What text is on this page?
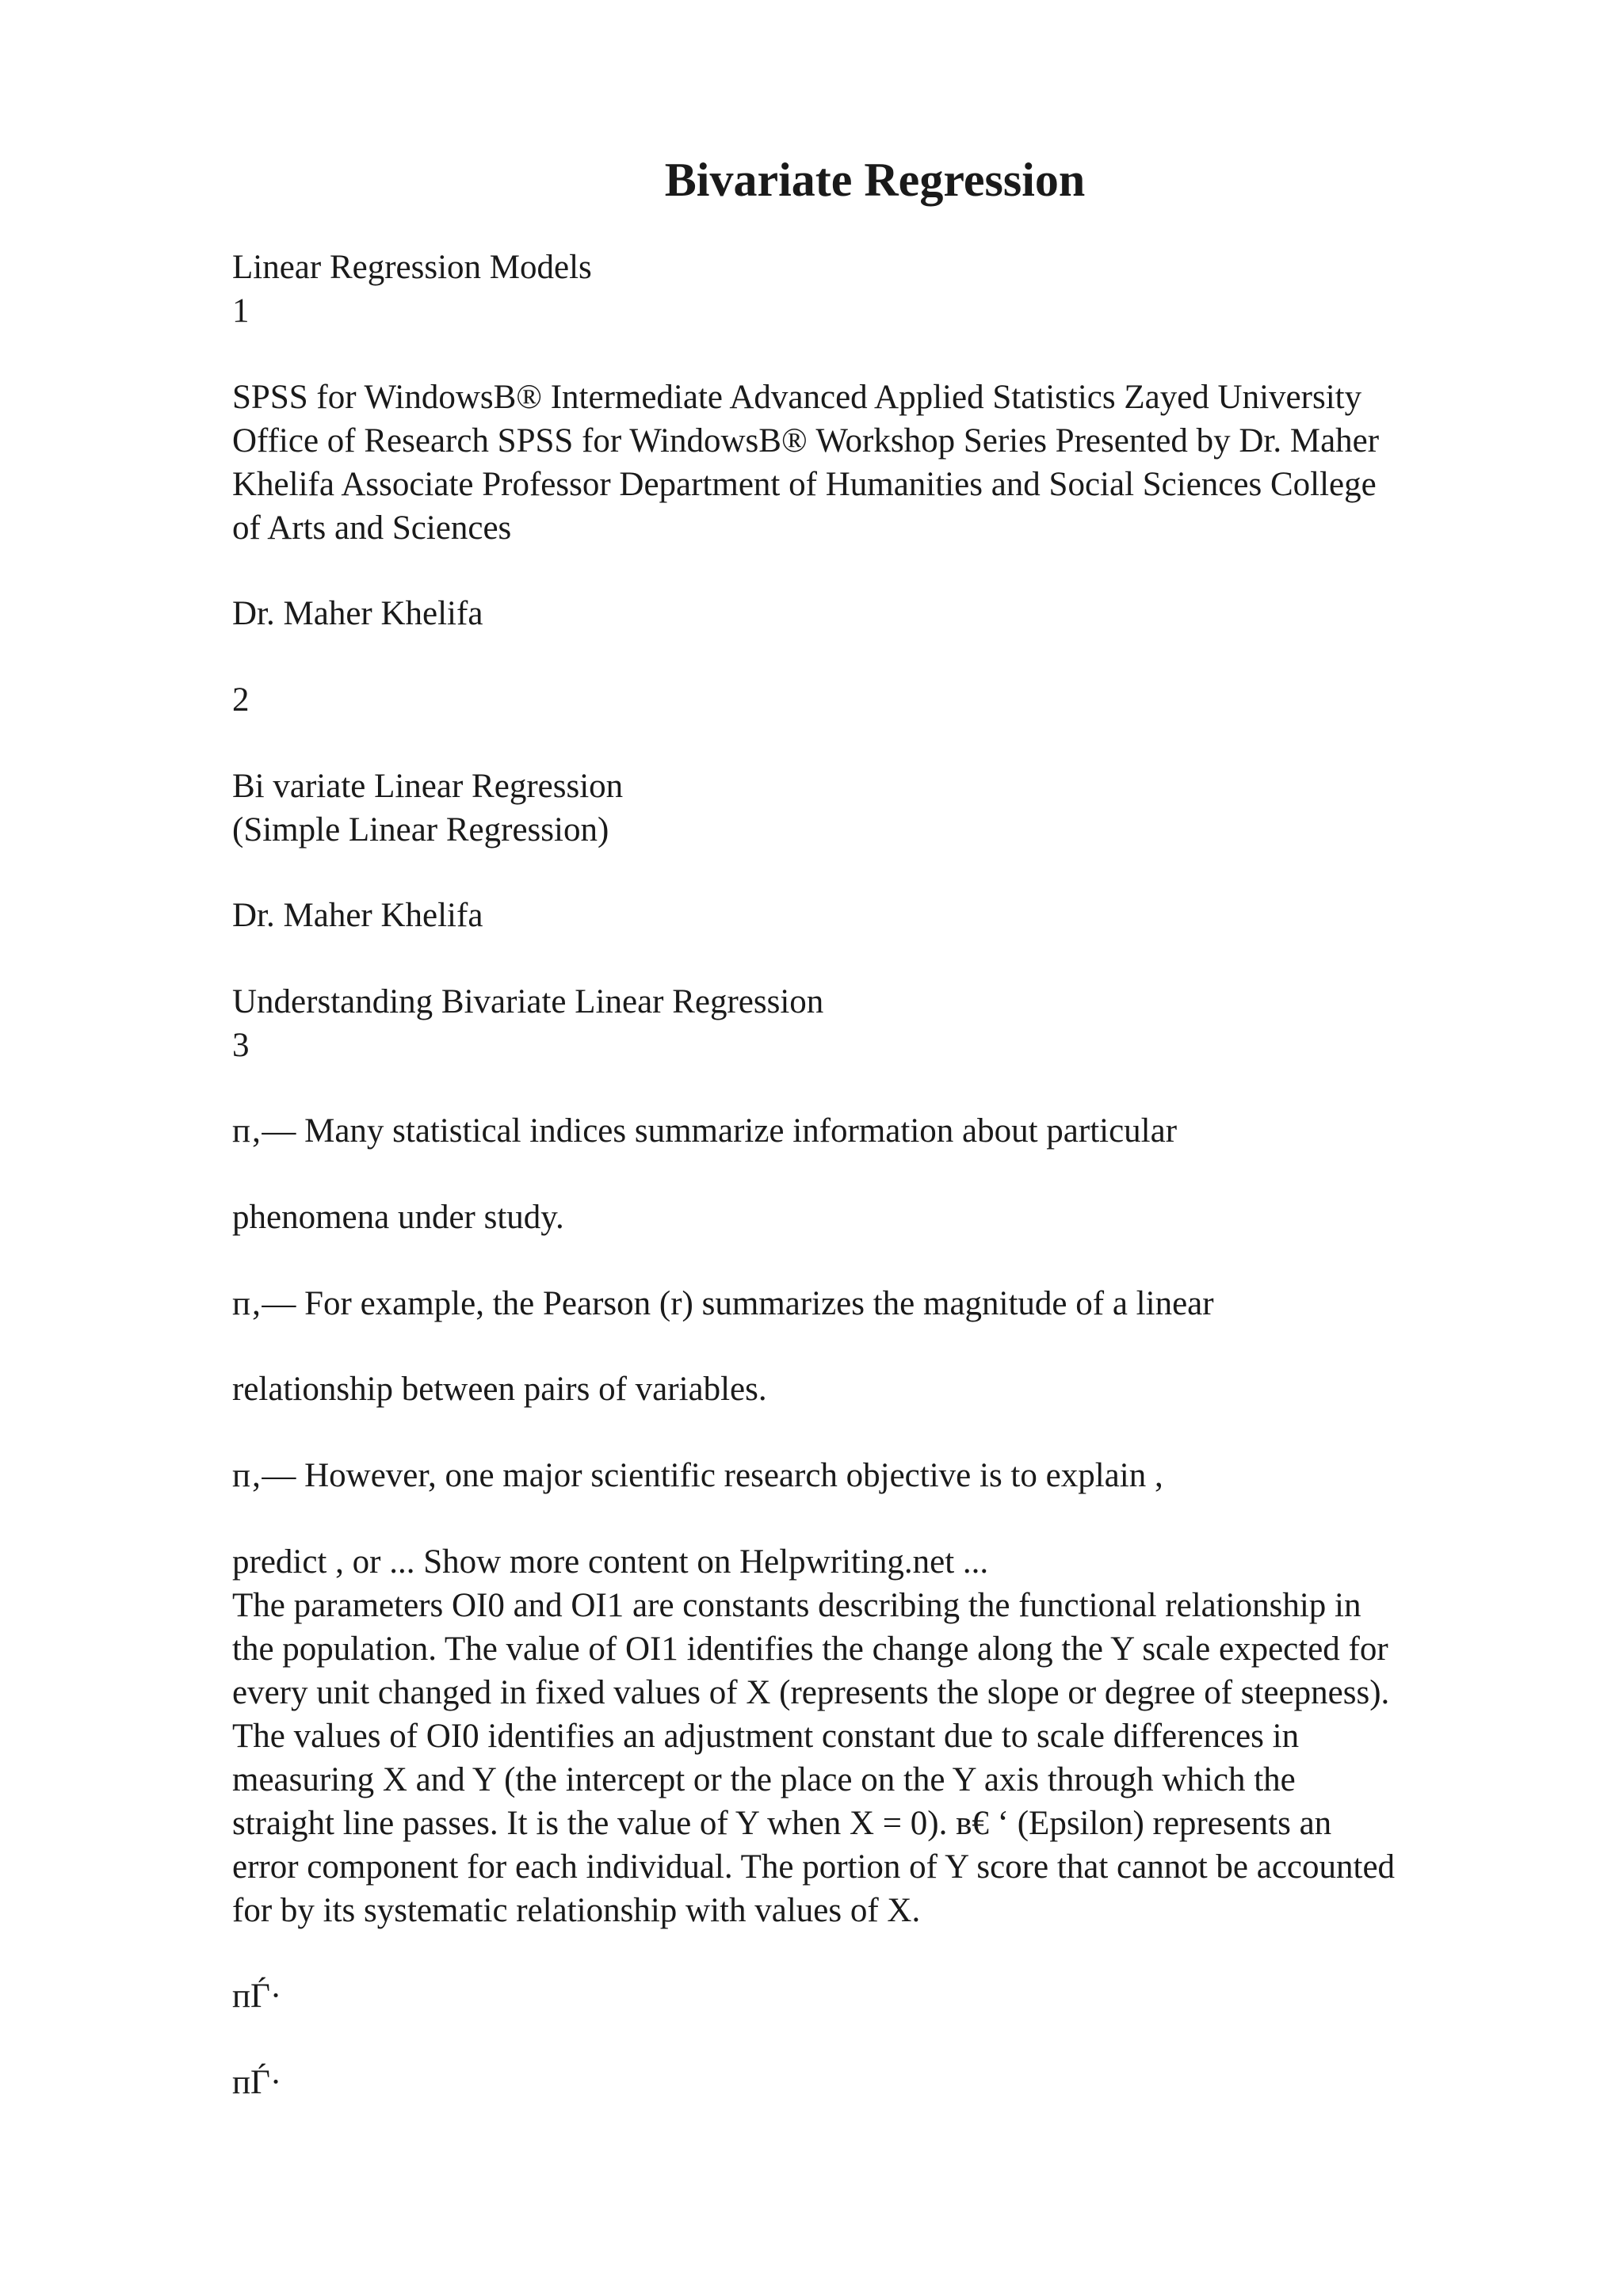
Bivariate Regression
Linear Regression Models
1
SPSS for WindowsВ® Intermediate Advanced Applied Statistics Zayed University
Office of Research SPSS for WindowsВ® Workshop Series Presented by Dr. Maher
Khelifa Associate Professor Department of Humanities and Social Sciences College
of Arts and Sciences
Dr. Maher Khelifa
2
Bi variate Linear Regression
(Simple Linear Regression)
Dr. Maher Khelifa
Understanding Bivariate Linear Regression
3
п‚— Many statistical indices summarize information about particular
phenomena under study.
п‚— For example, the Pearson (r) summarizes the magnitude of a linear
relationship between pairs of variables.
п‚— However, one major scientific research objective is to explain ,
predict , or ... Show more content on Helpwriting.net ...
The parameters OI0 and OI1 are constants describing the functional relationship in
the population. The value of OI1 identifies the change along the Y scale expected for
every unit changed in fixed values of X (represents the slope or degree of steepness).
The values of OI0 identifies an adjustment constant due to scale differences in
measuring X and Y (the intercept or the place on the Y axis through which the
straight line passes. It is the value of Y when X = 0). в€ ‘ (Epsilon) represents an
error component for each individual. The portion of Y score that cannot be accounted
for by its systematic relationship with values of X.
пЃ·
пЃ·
